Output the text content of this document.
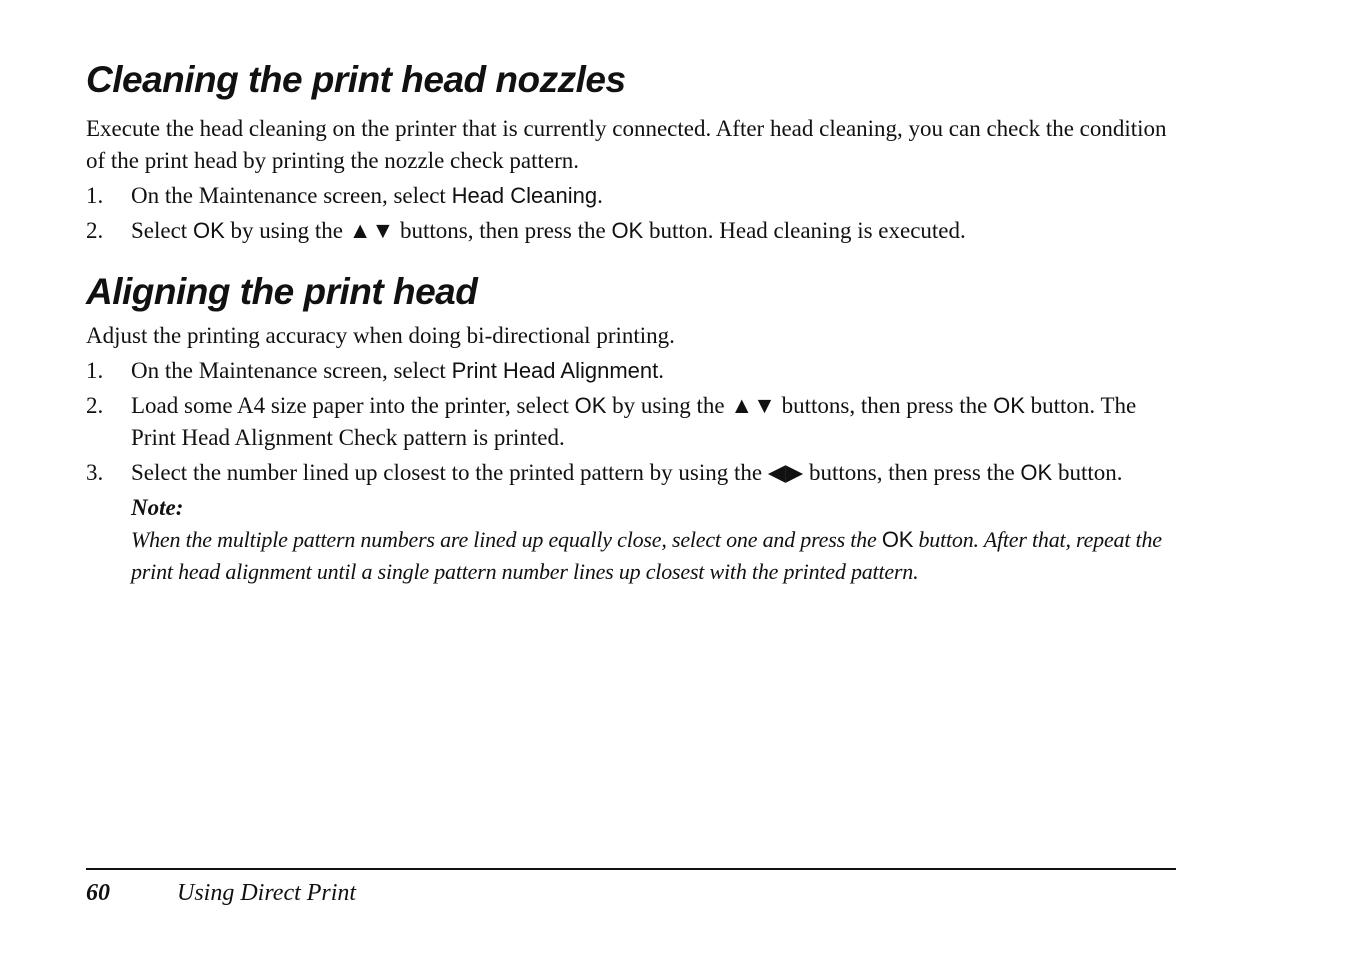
Cleaning the print head nozzles

Execute the head cleaning on the printer that is currently connected. After head cleaning, you can check the condition of the print head by printing the nozzle check pattern.

1. On the Maintenance screen, select Head Cleaning.
2. Select OK by using the ▲▼ buttons, then press the OK button. Head cleaning is executed.
Aligning the print head

Adjust the printing accuracy when doing bi-directional printing.

1. On the Maintenance screen, select Print Head Alignment.
2. Load some A4 size paper into the printer, select OK by using the ▲▼ buttons, then press the OK button. The Print Head Alignment Check pattern is printed.
3. Select the number lined up closest to the printed pattern by using the ◀▶ buttons, then press the OK button.
Note:
When the multiple pattern numbers are lined up equally close, select one and press the OK button. After that, repeat the print head alignment until a single pattern number lines up closest with the printed pattern.
60	Using Direct Print
